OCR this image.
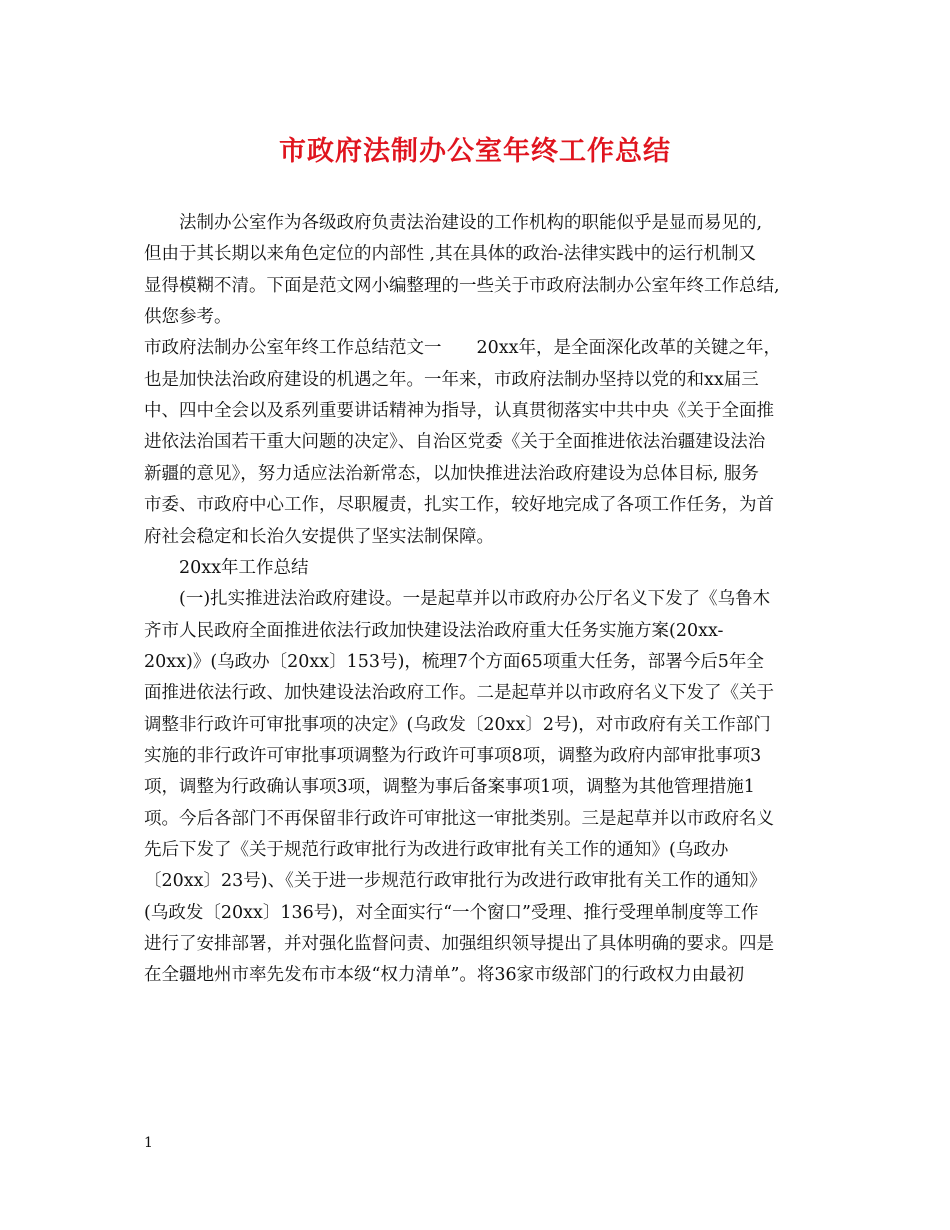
市政府法制办公室年终工作总结
　　法制办公室作为各级政府负责法治建设的工作机构的职能似乎是显而易见的,
但由于其长期以来角色定位的内部性 ,其在具体的政治-法律实践中的运行机制又
显得模糊不清。下面是范文网小编整理的一些关于市政府法制办公室年终工作总结,
供您参考。
市政府法制办公室年终工作总结范文一　　20xx年，是全面深化改革的关键之年，
也是加快法治政府建设的机遇之年。一年来，市政府法制办坚持以党的和xx届三
中、四中全会以及系列重要讲话精神为指导，认真贯彻落实中共中央《关于全面推
进依法治国若干重大问题的决定》、自治区党委《关于全面推进依法治疆建设法治
新疆的意见》，努力适应法治新常态，以加快推进法治政府建设为总体目标, 服务
市委、市政府中心工作，尽职履责，扎实工作，较好地完成了各项工作任务，为首
府社会稳定和长治久安提供了坚实法制保障。
　　20xx年工作总结
　　(一)扎实推进法治政府建设。一是起草并以市政府办公厅名义下发了《乌鲁木
齐市人民政府全面推进依法行政加快建设法治政府重大任务实施方案(20xx-
20xx)》(乌政办〔20xx〕153号)，梳理7个方面65项重大任务，部署今后5年全
面推进依法行政、加快建设法治政府工作。二是起草并以市政府名义下发了《关于
调整非行政许可审批事项的决定》(乌政发〔20xx〕2号)，对市政府有关工作部门
实施的非行政许可审批事项调整为行政许可事项8项，调整为政府内部审批事项3
项，调整为行政确认事项3项，调整为事后备案事项1项，调整为其他管理措施1
项。今后各部门不再保留非行政许可审批这一审批类别。三是起草并以市政府名义
先后下发了《关于规范行政审批行为改进行政审批有关工作的通知》(乌政办
〔20xx〕23号)、《关于进一步规范行政审批行为改进行政审批有关工作的通知》
(乌政发〔20xx〕136号)，对全面实行“一个窗口”受理、推行受理单制度等工作
进行了安排部署，并对强化监督问责、加强组织领导提出了具体明确的要求。四是
在全疆地州市率先发布市本级“权力清单”。将36家市级部门的行政权力由最初
1
